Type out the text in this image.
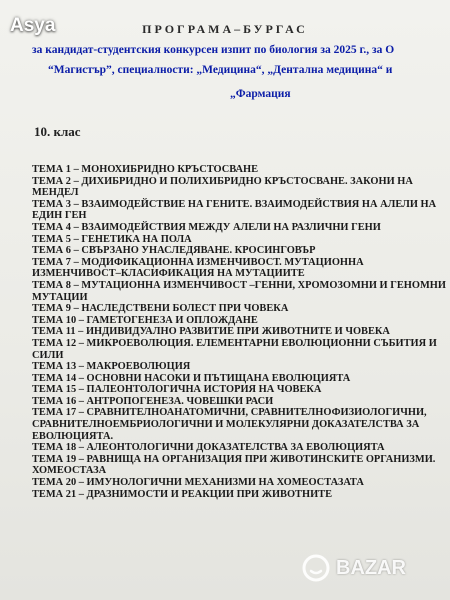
ПРОГРАМА–БУРГАС
за кандидат-студентския конкурсен изпит по биология за 2025 г., за О
“Магистър”, специалности: „Медицина“, „Дентална медицина“ и
„Фармация
10. клас

ТЕМА 1 – МОНОХИБРИДНО КРЪСТОСВАНЕ

ТЕМА 2 – ДИХИБРИДНО И ПОЛИХИБРИДНО КРЪСТОСВАНЕ. ЗАКОНИ НА МЕНДЕЛ

ТЕМА 3 – ВЗАИМОДЕЙСТВИЕ НА ГЕНИТЕ. ВЗАИМОДЕЙСТВИЯ НА АЛЕЛИ НА ЕДИН ГЕН

ТЕМА 4 – ВЗАИМОДЕЙСТВИЯ МЕЖДУ АЛЕЛИ НА РАЗЛИЧНИ ГЕНИ

ТЕМА 5 – ГЕНЕТИКА НА ПОЛА

ТЕМА 6 – СВЪРЗАНО УНАСЛЕДЯВАНЕ. КРОСИНГОВЪР

ТЕМА 7 – МОДИФИКАЦИОННА ИЗМЕНЧИВОСТ. МУТАЦИОННА ИЗМЕНЧИВОСТ–КЛАСИФИКАЦИЯ НА МУТАЦИИТЕ

ТЕМА 8 – МУТАЦИОННА ИЗМЕНЧИВОСТ –ГЕННИ, ХРОМОЗОМНИ И ГЕНОМНИ МУТАЦИИ

ТЕМА 9 – НАСЛЕДСТВЕНИ БОЛЕСТ ПРИ ЧОВЕКА

ТЕМА 10 – ГАМЕТОГЕНЕЗА И ОПЛОЖДАНЕ

ТЕМА 11 – ИНДИВИДУАЛНО РАЗВИТИЕ ПРИ ЖИВОТНИТЕ И ЧОВЕКА

ТЕМА 12 – МИКРОЕВОЛЮЦИЯ. ЕЛЕМЕНТАРНИ ЕВОЛЮЦИОННИ СЪБИТИЯ И СИЛИ

ТЕМА 13 – МАКРОЕВОЛЮЦИЯ

ТЕМА 14 – ОСНОВНИ НАСОКИ И ПЪТИЩАНА ЕВОЛЮЦИЯТА

ТЕМА 15 – ПАЛЕОНТОЛОГИЧНА ИСТОРИЯ НА ЧОВЕКА

ТЕМА 16 – АНТРОПОГЕНЕЗА. ЧОВЕШКИ РАСИ

ТЕМА 17 – СРАВНИТЕЛНОАНАТОМИЧНИ, СРАВНИТЕЛНОФИЗИОЛОГИЧНИ, СРАВНИТЕЛНОЕМБРИОЛОГИЧНИ И МОЛЕКУЛЯРНИ ДОКАЗАТЕЛСТВА ЗА ЕВОЛЮЦИЯТА.

ТЕМА 18 – АЛЕОНТОЛОГИЧНИ ДОКАЗАТЕЛСТВА ЗА ЕВОЛЮЦИЯТА

ТЕМА 19 – РАВНИЩА НА ОРГАНИЗАЦИЯ ПРИ ЖИВОТИНСКИТЕ ОРГАНИЗМИ. ХОМЕОСТАЗА

ТЕМА 20 – ИМУНОЛОГИЧНИ МЕХАНИЗМИ НА ХОМЕОСТАЗАТА

ТЕМА 21 – ДРАЗНИМОСТИ И РЕАКЦИИ ПРИ ЖИВОТНИТЕ

Asya
BAZAR
